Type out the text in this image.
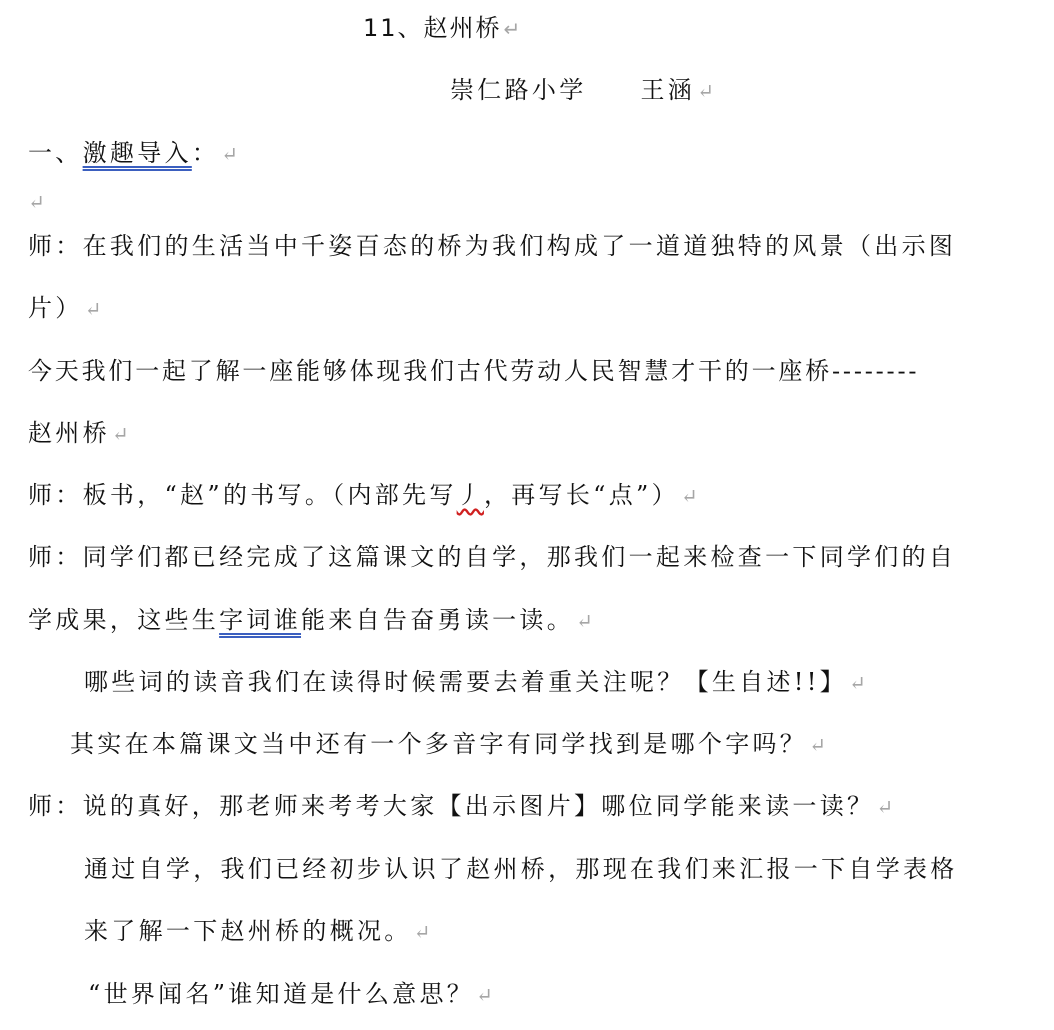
11、赵州桥 ↵
崇仁路小学 王涵 ↵
一、激趣导入： ↵
↵
师：在我们的生活当中千姿百态的桥为我们构成了一道道独特的风景（出示图
片） ↵
今天我们一起了解一座能够体现我们古代劳动人民智慧才干的一座桥--------
赵州桥 ↵
师：板书，“赵”的书写。（内部先写丿，再写长“点”） ↵
师：同学们都已经完成了这篇课文的自学，那我们一起来检查一下同学们的自
学成果，这些生字词谁能来自告奋勇读一读。 ↵
哪些词的读音我们在读得时候需要去着重关注呢？【生自述!!】 ↵
其实在本篇课文当中还有一个多音字有同学找到是哪个字吗？ ↵
师：说的真好，那老师来考考大家【出示图片】哪位同学能来读一读？ ↵
通过自学，我们已经初步认识了赵州桥，那现在我们来汇报一下自学表格
来了解一下赵州桥的概况。 ↵
“世界闻名”谁知道是什么意思？ ↵
